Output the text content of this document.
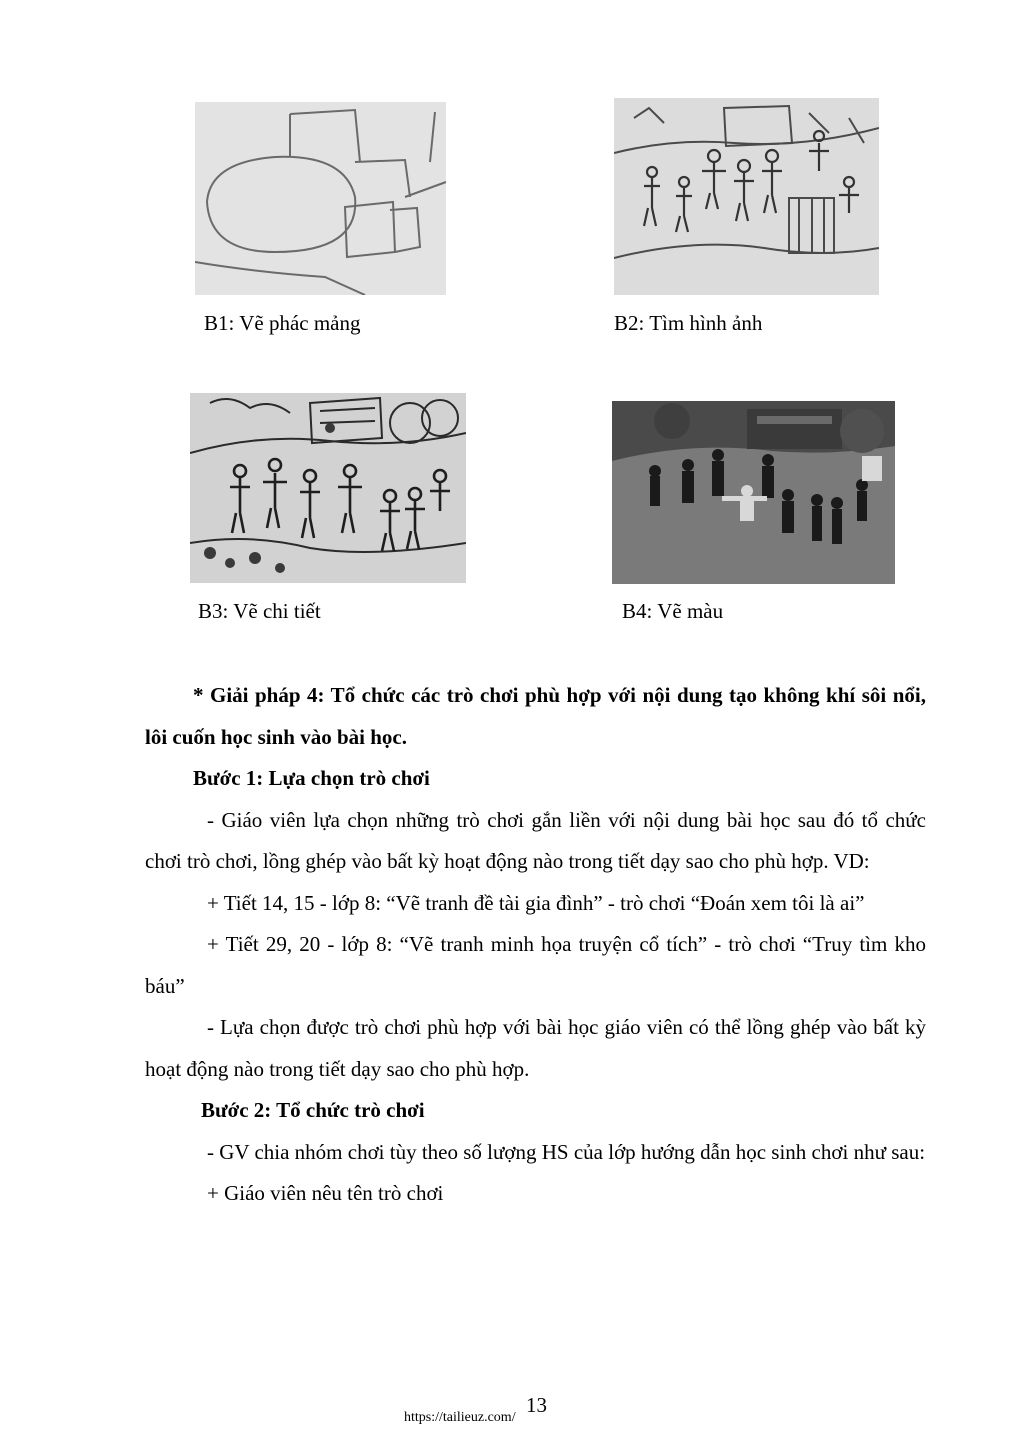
B1: Vẽ phác mảng	B2: Tìm hình ảnh
B3: Vẽ chi tiết	B4: Vẽ màu

* Giải pháp 4: Tổ chức các trò chơi phù hợp với nội dung tạo không khí sôi nổi, lôi cuốn học sinh vào bài học.

Bước 1: Lựa chọn trò chơi

- Giáo viên lựa chọn những trò chơi gắn liền với nội dung bài học sau đó tổ chức chơi trò chơi, lồng ghép vào bất kỳ hoạt động nào trong tiết dạy sao cho phù hợp. VD:

+ Tiết 14, 15 - lớp 8: “Vẽ tranh đề tài gia đình” - trò chơi “Đoán xem tôi là ai”

+ Tiết 29, 20 - lớp 8: “Vẽ tranh minh họa truyện cổ tích” - trò chơi “Truy tìm kho báu”

- Lựa chọn được trò chơi phù hợp với bài học giáo viên có thể lồng ghép vào bất kỳ hoạt động nào trong tiết dạy sao cho phù hợp.

Bước 2: Tổ chức trò chơi

- GV chia nhóm chơi tùy theo số lượng HS của lớp hướng dẫn học sinh chơi như sau:

+ Giáo viên nêu tên trò chơi

13
https://tailieuz.com/
